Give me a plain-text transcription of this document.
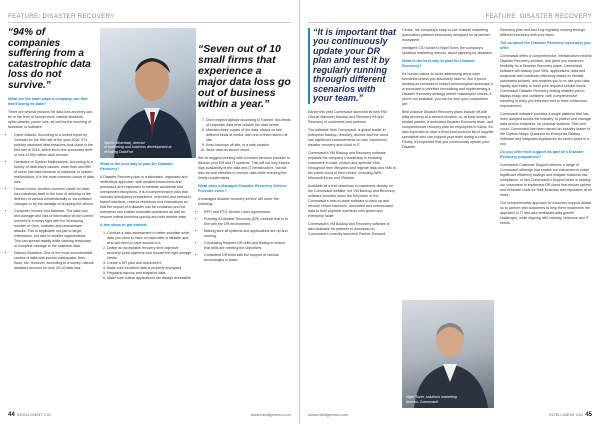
FEATURE: DISASTER RECOVERY
“94% of companies suffering from a catastrophic data loss do not survive.”
What are the main ways a company can find itself losing its data?

There are several reasons for data loss and they can be in the form of human error, natural disasters, cyber-attacks, power loss, as well as the incurring of hardware or software.

• Cyber Attacks: According to a recent report by Gemalto for the first half of the year 2016, 974 publicly disclosed data breaches took place in the first half of 2016, which led to the successful theft or loss of 554 million data records.
• Hardware or System Malfunctions: According to a survey of data loss's causes, more than one-fifth of users lost data because of hardware or system malfunctions. It is the most common cause of data loss.
• Human errors: Another common cause for data loss manifests itself in the form of deleting or the deletion of various unintentionally or via software changes or by the damage of dropping the device.
• Computer Viruses and Malware: The data loss and damage and loss of information at the current moment is a heavy fight with the increasing number of virus, malware and ransomware attacks. This is applicable not just to larger enterprises, but also to smaller organisations. This can spread rapidly while causing temporary or complete damage to the business data.
• Natural Disasters: One of the most uncontrollable causes of data loss include earthquake, fires, flood, etc. However, according to a survey, natural disasters account for only 3% of data loss.
Sachin Bhardwaj, director
of marketing and business development at eHosting DataFort
What is the best way to plan for Disaster Recovery?

A Disaster Recovery plan is a tabulated, organised and methodical approach, with detailed instructions and processes and responses to mediate accidental and unexpected disruptions. It is a comprehensive plan that includes anticipatory precautions, extended and scenario-based reactions, reserve resources and restorations so that the impact of a disaster can be contained and the enterprise can sustain essential operations as well as resume critical functions quickly and with relative ease.

A few steps to get started:
1. Conduct a data assessment to better prioritise what data you need to have on hand after a disaster and who will need to have access to it.
2. Define an acceptable recovery time objective, recovery point objective and choose the right storage media.
3. Create a DR plan and document it.
4. Make sure sensitive data is properly encrypted.
5. Regularly backup and snapshot data.
6. Make sure critical applications are always accessible.
“Seven out of 10 small firms that experience a major data loss go out of business within a year.”
7. Don't neglect laptops according to Gartner, two-thirds of corporate data lives outside the data centre.
8. Maintain three copies of the data, stored on two different kinds of media, with one of them stored off-site.
9. Keep backups off site, in a safe location.
10. Store data on secure cloud.

We do suggest working with a trusted services provider to discuss your DR and IT systems. This will not only ensure high availability of the data and IT infrastructure, but will also be cost effective to recover data while ensuring the timely requirements.

What does a Managed Disaster Recovery Service Provider cover?

A managed disaster recovery service will cover the following:

• RPO and RTO Service Level Agreements.
• Running a Disaster Recovery (DR) runbook that is in line with the DR environment.
• Making sure all systems and applications are up and running.
• Conducting frequent DR drills and testing to ensure that drills are meeting the objectives.
• Consistent DR tests with the support of various technologies in place.
44 INTELLIGENT CIO	www.intelligentcio.com
FEATURE: DISASTER RECOVERY
“It is important that you continuously update your DR plan and test it by regularly running through different scenarios with your team.”

Earlier this year Commvault launched its new HW (Virtual Machine) Backup and Recovery Kit and Recovery of customers and partners.

The software from Commvault, a global leader in enterprise backup, recovery, archive and the cloud, has significant enhancements on user experience, disaster recovery and cloud in IT.

Commvault's VM Backup and Recovery software expands the company's leadership in enabling customers to build, protect and optimise VMs throughout their lifecycles and migrate data and VMs to the public cloud of their choice, including AWS, Microsoft Azure and VMware.

Available as a free download to customers directly on the Commvault website, the VM Backup and Recovery software provides users the full power of the Commvault's best-in-class software to back up and recover virtual machines, structured and unstructured data to both physical machines with speed and enterprise scale.

Commvault's VM Backup and Recovery software is also available for partners to download on Commvault's recently launched Partner Demand

Centre, the company's easy-to-use channel marketing automation platform exclusively designed for its partner ecosystem.

Intelligent CIO spoke to Nigel Tozer, the company's solutions marketing director, about planning for disasters.

What is the best way to plan for Disaster Recovery?

It's human nature to avoid addressing worst case scenarios unless you absolutely have to. But if you're working as business in today's technological landscape it is important to prioritise formulating and implementing a Disaster Recovery strategy before catastrophe strikes. If you're not available, you can be sure your competitors are.

Best practice Disaster Recovery plans include off-site data recovery at a second location, or, at least storing a trusted partner, a dedicated Disaster Recovery team, and comprehensive recovery plan for employees to follow. It's also important to have a fixed post-protocol list of supplier specialists who can support your team during a crisis. Finally, it's important that you continuously update your Disaster

Nigel Tozer, solutions marketing
director, Commvault

Recovery plan and test it by regularly running through different scenarios with your team.

Tell us about the Disaster Recovery system(s) you offer.

Commvault offers a comprehensive, infrastructure neutral Disaster Recovery solution, that gives you maximum flexibility for a Disaster Recovery plans. Commvault software will backup your VMs, applications, data and endpoints with maximum efficiency based on flexible, automated policies, and enables you to re-use your data rapidly and easily to meet your required service levels. Commvault Disaster Recovery testing enables you to always ready and confident, with comprehensive reporting to keep you informed and to drive continuous improvement.

Commvault software provides a single platform that has been adopted across the industry, to protect and manage data across endpoints, for physical systems, VMs and cloud. Commvault has been named an Industry leader in the Gartner Magic Quadrant for Enterprise Backup Software and Integrated Appliances for seven years in a row.

Do you offer tech support as part of a Disaster Recovery programme?

Commvault Customer Support delivers a range of Commvault offerings that enable our customers to make significant efficiency savings and mitigate business risk compliance. In fact Commvault's Support team is helping our customers to implement DR plans that ensure uptime and minimise costs for their business and reputation at all times.

Our comprehensive approach to customer support allows us to partner with customers to help them modernise the approach to IT and also anticipate data growth challenges, while aligning with industry, business and IT needs.

www.intelligentcio.com	INTELLIGENT CIO 45
